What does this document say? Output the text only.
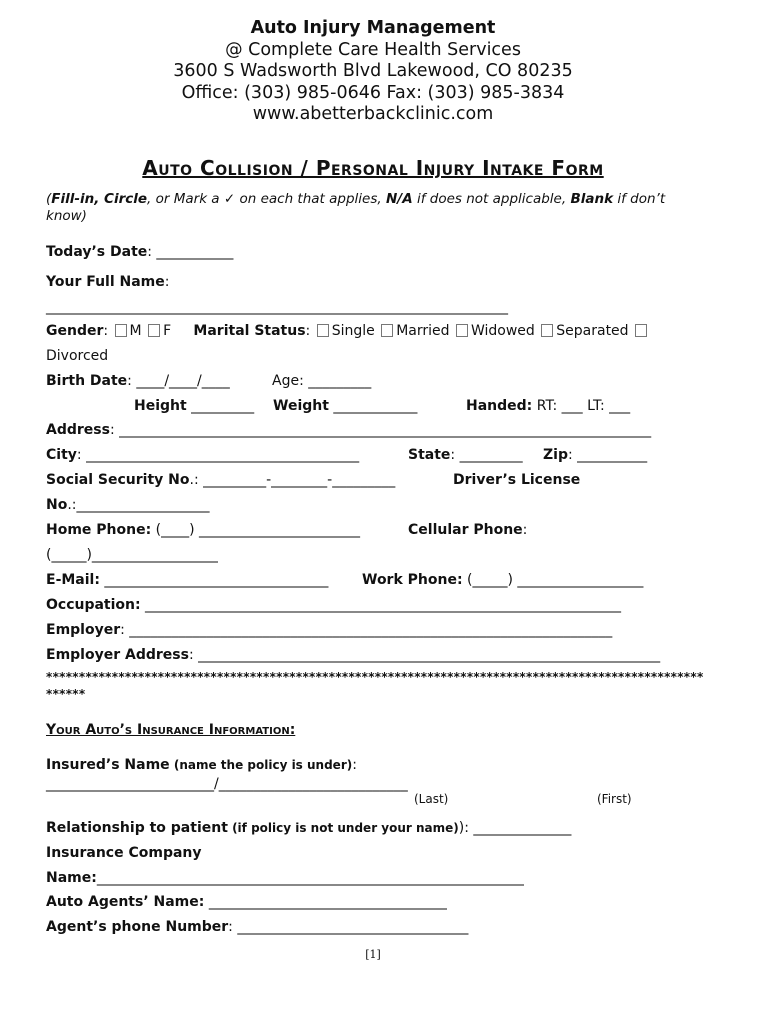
Auto Injury Management
@ Complete Care Health Services
3600 S Wadsworth Blvd Lakewood, CO 80235
Office: (303) 985-0646 Fax: (303) 985-3834
www.abetterbackclinic.com
Auto Collision / Personal Injury Intake Form
(Fill-in, Circle, or Mark a ✓ on each that applies, N/A if does not applicable, Blank if don’t know)
Today’s Date: ___________
Your Full Name:
__________________________________________________________________
Gender: M F Marital Status: Single Married Widowed Separated
Divorced
Birth Date: ____/____/____	Age: _________
Height _________ Weight ____________	Handed: RT: ___ LT: ___
Address: ____________________________________________________________________________
City: _______________________________________	State: _________ Zip: __________
Social Security No.: _________-________-_________	Driver’s License
No.:___________________
Home Phone: (____) _______________________	Cellular Phone:
(_____)__________________
E-Mail: ________________________________ Work Phone: (_____) __________________
Occupation: ____________________________________________________________________
Employer: _____________________________________________________________________
Employer Address: __________________________________________________________________
**********************************************************************************************************
Your Auto’s Insurance Information:
Insured’s Name (name the policy is under):
________________________/___________________________
(Last)	(First)
Relationship to patient (if policy is not under your name)): ______________
Insurance Company
Name:_____________________________________________________________
Auto Agents’ Name: __________________________________
Agent’s phone Number: _________________________________
[1]
